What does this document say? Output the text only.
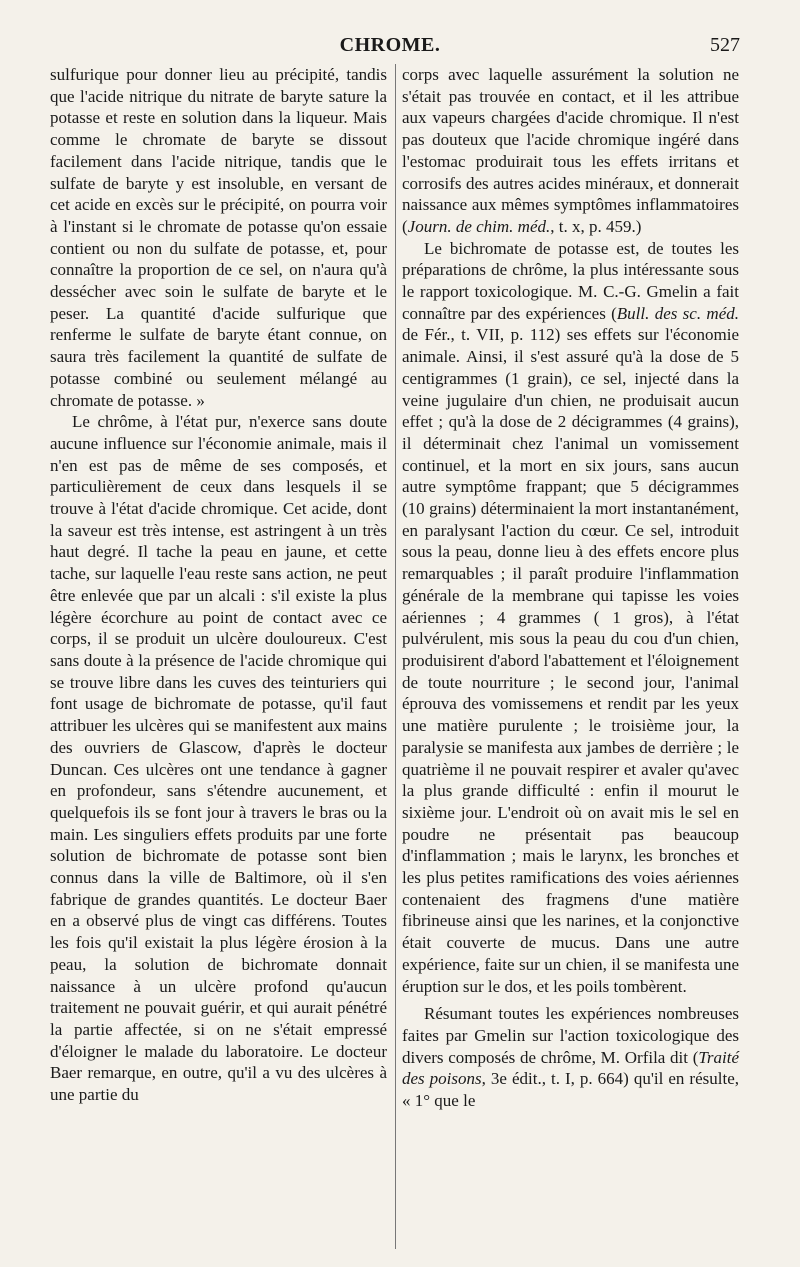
CHROME.	527

sulfurique pour donner lieu au précipité, tandis que l'acide nitrique du nitrate de baryte sature la potasse et reste en solution dans la liqueur. Mais comme le chromate de baryte se dissout facilement dans l'acide nitrique, tandis que le sulfate de baryte y est insoluble, en versant de cet acide en excès sur le précipité, on pourra voir à l'instant si le chromate de potasse qu'on essaie contient ou non du sulfate de potasse, et, pour connaître la proportion de ce sel, on n'aura qu'à dessécher avec soin le sulfate de baryte et le peser. La quantité d'acide sulfurique que renferme le sulfate de baryte étant connue, on saura très facilement la quantité de sulfate de potasse combiné ou seulement mélangé au chromate de potasse. »

Le chrôme, à l'état pur, n'exerce sans doute aucune influence sur l'économie animale, mais il n'en est pas de même de ses composés, et particulièrement de ceux dans lesquels il se trouve à l'état d'acide chromique. Cet acide, dont la saveur est très intense, est astringent à un très haut degré. Il tache la peau en jaune, et cette tache, sur laquelle l'eau reste sans action, ne peut être enlevée que par un alcali : s'il existe la plus légère écorchure au point de contact avec ce corps, il se produit un ulcère douloureux. C'est sans doute à la présence de l'acide chromique qui se trouve libre dans les cuves des teinturiers qui font usage de bichromate de potasse, qu'il faut attribuer les ulcères qui se manifestent aux mains des ouvriers de Glascow, d'après le docteur Duncan. Ces ulcères ont une tendance à gagner en profondeur, sans s'étendre aucunement, et quelquefois ils se font jour à travers le bras ou la main. Les singuliers effets produits par une forte solution de bichromate de potasse sont bien connus dans la ville de Baltimore, où il s'en fabrique de grandes quantités. Le docteur Baer en a observé plus de vingt cas différens. Toutes les fois qu'il existait la plus légère érosion à la peau, la solution de bichromate donnait naissance à un ulcère profond qu'aucun traitement ne pouvait guérir, et qui aurait pénétré la partie affectée, si on ne s'était empressé d'éloigner le malade du laboratoire. Le docteur Baer remarque, en outre, qu'il a vu des ulcères à une partie du

corps avec laquelle assurément la solution ne s'était pas trouvée en contact, et il les attribue aux vapeurs chargées d'acide chromique. Il n'est pas douteux que l'acide chromique ingéré dans l'estomac produirait tous les effets irritans et corrosifs des autres acides minéraux, et donnerait naissance aux mêmes symptômes inflammatoires (Journ. de chim. méd., t. x, p. 459.)

Le bichromate de potasse est, de toutes les préparations de chrôme, la plus intéressante sous le rapport toxicologique. M. C.-G. Gmelin a fait connaître par des expériences (Bull. des sc. méd. de Fér., t. VII, p. 112) ses effets sur l'économie animale. Ainsi, il s'est assuré qu'à la dose de 5 centigrammes (1 grain), ce sel, injecté dans la veine jugulaire d'un chien, ne produisait aucun effet ; qu'à la dose de 2 décigrammes (4 grains), il déterminait chez l'animal un vomissement continuel, et la mort en six jours, sans aucun autre symptôme frappant; que 5 décigrammes (10 grains) déterminaient la mort instantanément, en paralysant l'action du cœur. Ce sel, introduit sous la peau, donne lieu à des effets encore plus remarquables ; il paraît produire l'inflammation générale de la membrane qui tapisse les voies aériennes ; 4 grammes ( 1 gros), à l'état pulvérulent, mis sous la peau du cou d'un chien, produisirent d'abord l'abattement et l'éloignement de toute nourriture ; le second jour, l'animal éprouva des vomissemens et rendit par les yeux une matière purulente ; le troisième jour, la paralysie se manifesta aux jambes de derrière ; le quatrième il ne pouvait respirer et avaler qu'avec la plus grande difficulté : enfin il mourut le sixième jour. L'endroit où on avait mis le sel en poudre ne présentait pas beaucoup d'inflammation ; mais le larynx, les bronches et les plus petites ramifications des voies aériennes contenaient des fragmens d'une matière fibrineuse ainsi que les narines, et la conjonctive était couverte de mucus. Dans une autre expérience, faite sur un chien, il se manifesta une éruption sur le dos, et les poils tombèrent.

Résumant toutes les expériences nombreuses faites par Gmelin sur l'action toxicologique des divers composés de chrôme, M. Orfila dit (Traité des poisons, 3e édit., t. I, p. 664) qu'il en résulte, « 1° que le
